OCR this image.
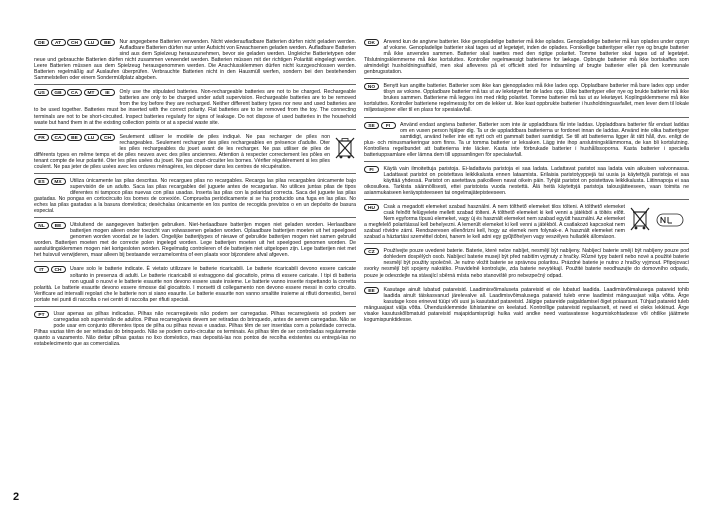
DE AT CH LU BE	Nur angegebene Batterien verwenden. Nicht wiederaufladbare Batterien dürfen nicht geladen werden. Aufladbare Batterien dürfen nur unter Aufsicht von Erwachsenen geladen werden. Aufladbare Batterien sind aus dem Spielzeug herauszunehmen, bevor sie geladen werden. Ungleiche Batterietypen oder neue und gebrauchte Batterien dürfen nicht zusammen verwendet werden. Batterien müssen mit der richtigen Polarität eingelegt werden. Leere Batterien müssen aus dem Spielzeug herausgenommen werden. Die Anschlussklemmen dürfen nicht kurzgeschlossen werden. Batterien regelmäßig auf Auslaufen überprüfen. Verbrauchte Batterien nicht in den Hausmüll werfen, sondern bei den bestehenden Sammelstellen oder einem Sondermüllplatz abgeben.

US GB CA MT IE	Only use the stipulated batteries. Non-rechargeable batteries are not to be charged. Rechargeable batteries are only to be charged under adult supervision. Rechargeable batteries are to be removed from the toy before they are recharged. Neither different battery types nor new and used batteries are to be used together. Batteries must be inserted with the correct polarity. Flat batteries are to be removed from the toy. The connecting terminals are not to be short-circuited. Inspect batteries regularly for signs of leakage. Do not dispose of used batteries in the household waste but hand them in at the existing collection points or at a special waste site.

FR CA BE LU CH	Seulement utiliser le modèle de piles indiqué. Ne pas recharger de piles non rechargeables. Seulement recharger des piles rechargeables en présence d'adulte. Oter les piles rechargeables du jouet avant de les recharger. Ne pas utiliser de piles de différents types en même temps et de piles neuves avec des piles anciennes. Attention à respecter correctement les pôles en tenant compte de leur polarité. Oter les piles usées du jouet. Ne pas court-circuiter les bornes. Vérifier régulièrement si les piles coulent. Ne pas jeter de piles usées avec les ordures ménagères, les déposer dans les centres de récupération.

ES MX	Utiliza únicamente las pilas descritas. No recargues pilas no recargables. Recarga las pilas recargables únicamente bajo supervisión de un adulto. Saca las pilas recargables del juguete antes de recargarlas. No utilices juntas pilas de tipos diferentes ni tampoco pilas nuevas con pilas usadas. Inserta las pilas con la polaridad correcta. Saca del juguete las pilas gastadas. No pongas en cortocircuito los bornes de conexión. Comprueba periódicamente si se ha producido una fuga en las pilas. No eches las pilas gastadas a la basura doméstica; deséchalas únicamente en los puntos de recogida previstos o en un depósito de basura especial.

NL BE	Uitsluitend de aangegeven batterijen gebruiken. Niet-herlaadbare batterijen mogen niet geladen worden. Herlaadbare batterijen mogen alleen onder toezicht van volwassenen geladen worden. Oplaadbare batterijen moeten uit het speelgoed genomen worden voordat ze te laden. Ongelijke batterijtypes of nieuwe of gebruikte batterijen mogen niet samen gebruikt worden. Batterijen moeten met de correcte polen ingelegd worden. Lege batterijen moeten uit het speelgoed genomen worden. De aansluitingsklemmen mogen niet kortgesloten worden. Regelmatig controleren of de batterijen niet uitgelopen zijn. Lege batterijen niet met het huisvuil verwijderen, maar alleen bij bestaande verzamelcentra of een plaats voor bijzondere afval afgeven.

IT CH	Usare solo le batterie indicate. È vietato utilizzare le batterie ricaricabili. Le batterie ricaricabili devono essere caricate soltanto in presenza di adulti. Le batterie ricaricabili si estraggono dal giocattolo, prima di essere caricate. I tipi di batteria non uguali o nuovi e le batterie esaurite non devono essere usate insieme. Le batterie vanno inserite rispettando la corretta polarità. Le batterie esaurite devono essere rimosse dal giocattolo. I morsetti di collegamento non devono essere messi in corto circuito. Verificare ad intervalli regolari che le batterie non si siano esaurite. Le batterie esaurite non vanno smaltite insieme ai rifiuti domestici, bensì portate nei punti di raccolta o nei centri di raccolta per rifiuti speciali.

PT	Usar apenas as pilhas indicadas. Pilhas não recarregáveis não podem ser carregadas. Pilhas recarregáveis só podem ser carregadas sob supervisão de adultos. Pilhas recarregáveis devem ser retiradas do brinquedo, antes de serem carregadas. Não se pode usar em conjunto diferentes tipos de pilha ou pilhas novas e usadas. Pilhas têm de ser inseridas com a polaridade correcta. Pilhas vazias têm de ser retiradas do brinquedo. Não se podem curto-circuitar os terminais. As pilhas têm de ser controladas regularmente quanto a vazamento. Não deitar pilhas gastas no lixo doméstico, mas depositá-las nos pontos de recolha existentes ou entregá-las no estabelecimento que as comercializa.

DK	Anvend kun de angivne batterier. Ikke genopladelige batterier må ikke oplades. Genopladelige batterier må kun oplades under opsyn af voksne. Genopladelige batterier skal tages ud af legetøjet, inden de oplades. Forskellige batterityper eller nye og brugte batterier må ikke anvendes sammen. Batterier skal isættes med den rigtige polaritet. Tomme batterier skal tages ud af legetøjet. Tilslutningsklemmerne må ikke kortsluttes. Kontroller regelmæssigt batterierne for lækage. Opbrugte batterier må ikke bortskaffes som almindeligt husholdningsaffald, men skal afleveres på et officielt sted for indsamling af brugte batterier eller på den kommunale genbrugsstation.

NO	Benytt kun angitte batterier. Batterier som ikke kan gjenopplades må ikke lades opp. Oppladbare batterier må bare lades opp under tilsyn av voksne. Oppladbare batterier må tas ut av leketøyet før de lades opp. Ulike batterityper eller nye og brukte batterier må ikke brukes sammen. Batteriene må legges inn med riktig polaritet. Tomme batterier må tas ut av leketøyet. Koplingsklemmene må ikke kortsluttes. Kontroller batteriene regelmessig for om de lekker ut. Ikke kast oppbrukte batterier i husholdningsavfallet, men lever dem til lokale miljøstasjoner eller til en plass for spesialavfall.

SE FI	Använd endast angivna batterier. Batterier som inte är uppladdbara får inte laddas. Uppladdbara batterier får endast laddas om en vuxen person hjälper dig. Ta ur de uppladdbara batterierna ur fordonet innan de laddas. Använd inte olika batterityper samtidigt, använd heller inte ett nytt och ett gammalt batteri samtidigt. Se till att batterierna ligger åt rätt håll, dvs. enligt de plus- och minusmarkeringar som finns. Ta ur tomma batterier ur leksaken. Lägg inte ihop anslutningsklämmorna, de kan bli kortslutning. Kontrollera regelbundet att batterierna inte läcker. Kasta inte förbrukade batterier i hushållssoporna. Kasta batterier i speciella batteriuppsamlare eller lämna dem till uppsamlingen för specialavfall.

FI	Käytä vain ilmoitettuja paristoja. Ei-ladattavia paristoja ei saa ladata. Ladattavat paristot saa ladata vain aikuisen valvonnassa. Ladattavat paristot on poistettava leikkikalusta ennen lataamista. Erilaisia paristotyyppejä tai uusia ja käytettyjä paristoja ei saa käyttää yhdessä. Paristot on asetettava paikoilleen navat oikein päin. Tyhjät paristot on poistettava leikkikalusta. Liitinnapoja ei saa oikosulkea. Tarkista säännöllisesti, ettei paristoista vuoda nestettä. Älä heitä käytettyjä paristoja talousjätteeseen, vaan toimita ne asianmukaiseen keräyspisteeseen tai ongelmajätepisteeseen.

HU	Csak a megadott elemeket szabad használni. A nem tölthető elemeket tilos tölteni. A tölthető elemeket csak felnőtt felügyelete mellett szabad tölteni. A tölthető elemeket ki kell venni a játékból a töltés előtt. Nem egyforma típusú elemeket, vagy új és használt elemeket nem szabad együtt használni. Az elemeket a megfelelő polaritással kell behelyezni. A lemerült elemeket ki kell venni a játékból. A csatlakozó kapcsokat nem szabad rövidre zárni. Rendszeresen ellenőrizni kell, hogy az elemek nem folynak-e. A használt elemeket nem szabad a háztartási szeméttel dobni, hanem le kell adni egy gyűjtőhelyen vagy veszélyes hulladék állomáson.

CZ	Používejte pouze uvedené baterie. Baterie, které nelze nabíjet, nesmějí být nabíjeny. Nabíjecí baterie smějí být nabíjeny pouze pod dohledem dospělých osob. Nabíjecí baterie musejí být před nabitím vyjmuty z hračky. Různé typy baterií nebo nové a použité baterie nesmějí být použity společně. Je nutno vložit baterie se správnou polaritou. Prázdné baterie je nutno z hračky vyjmout. Připojovací svorky nesmějí být spojeny nakrátko. Pravidelně kontrolujte, zda baterie nevytékají. Použité baterie neodhazujte do domovního odpadu, pouze je odevzdejte na stávající sběrná místa nebo stanoviště pro nebezpečný odpad.

EE	Kasutage ainult lubatud patareisid. Laadimisvõimaluseta patareisid ei ole lubatud laadida. Laadimisvõimalusega patareid tohib laadida ainult täiskasvanud järelevalve all. Laadimisvõimalusega patareid tuleb enne laadimist mänguasjast välja võtta. Ärge kasutage koos erinevat tüüpi või uusi ja kasutatud patareisid. Jälgige patareide paigaldamisel õiget polaarsust. Tühjad patareid tuleb mänguasjast välja võtta. Ühendusklemmide lühistamine on keelatud. Kontrollige patareisid regulaarselt, et need ei oleks lekkinud. Ärge visake kasutuskõlbmatuid patareisid majapidamisprügi hulka vaid andke need vastavatesse kogumiskohtadesse või ohtlike jäätmete kogumispunktidesse.

2
